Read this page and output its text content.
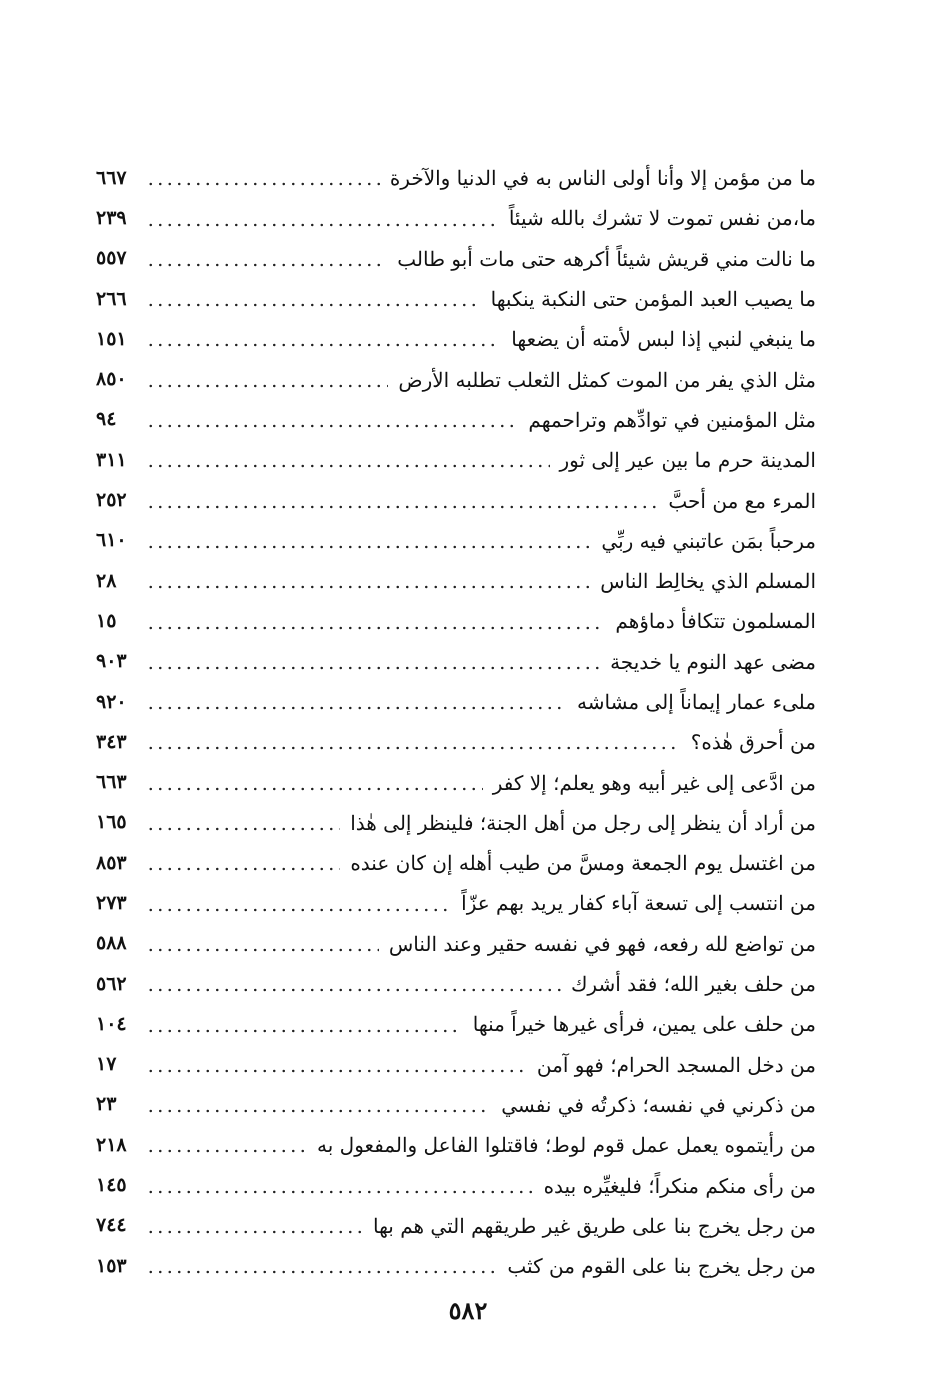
ما من مؤمن إلا وأنا أولى الناس به في الدنيا والآخرة
٦٦٧
ما،من نفس تموت لا تشرك بالله شيئاً
٢٣٩
ما نالت مني قريش شيئاً أكرهه حتى مات أبو طالب
٥٥٧
ما يصيب العبد المؤمن حتى النكبة ينكبها
٢٦٦
ما ينبغي لنبي إذا لبس لأمته أن يضعها
١٥١
مثل الذي يفر من الموت كمثل الثعلب تطلبه الأرض
٨٥٠
مثل المؤمنين في توادِّهم وتراحمهم
٩٤
المدينة حرم ما بين عير إلى ثور
٣١١
المرء مع من أحبَّ
٢٥٢
مرحباً بمَن عاتبني فيه ربِّي
٦١٠
المسلم الذي يخالِط الناس
٢٨
المسلمون تتكافأ دماؤهم
١٥
مضى عهد النوم يا خديجة
٩٠٣
ملىء عمار إيماناً إلى مشاشه
٩٢٠
من أحرق هٰذه؟
٣٤٣
من ادَّعى إلى غير أبيه وهو يعلم؛ إلا كفر
٦٦٣
من أراد أن ينظر إلى رجل من أهل الجنة؛ فلينظر إلى هٰذا
١٦٥
من اغتسل يوم الجمعة ومسَّ من طيب أهله إن كان عنده
٨٥٣
من انتسب إلى تسعة آباء كفار يريد بهم عزّاً
٢٧٣
من تواضع لله رفعه، فهو في نفسه حقير وعند الناس
٥٨٨
من حلف بغير الله؛ فقد أشرك
٥٦٢
من حلف على يمين، فرأى غيرها خيراً منها
١٠٤
من دخل المسجد الحرام؛ فهو آمن
١٧
من ذكرني في نفسه؛ ذكرتُه في نفسي
٢٣
من رأيتموه يعمل عمل قوم لوط؛ فاقتلوا الفاعل والمفعول به
٢١٨
من رأى منكم منكراً؛ فليغيِّره بيده
١٤٥
من رجل يخرج بنا على طريق غير طريقهم التي هم بها
٧٤٤
من رجل يخرج بنا على القوم من كثب
١٥٣
٥٨٢
